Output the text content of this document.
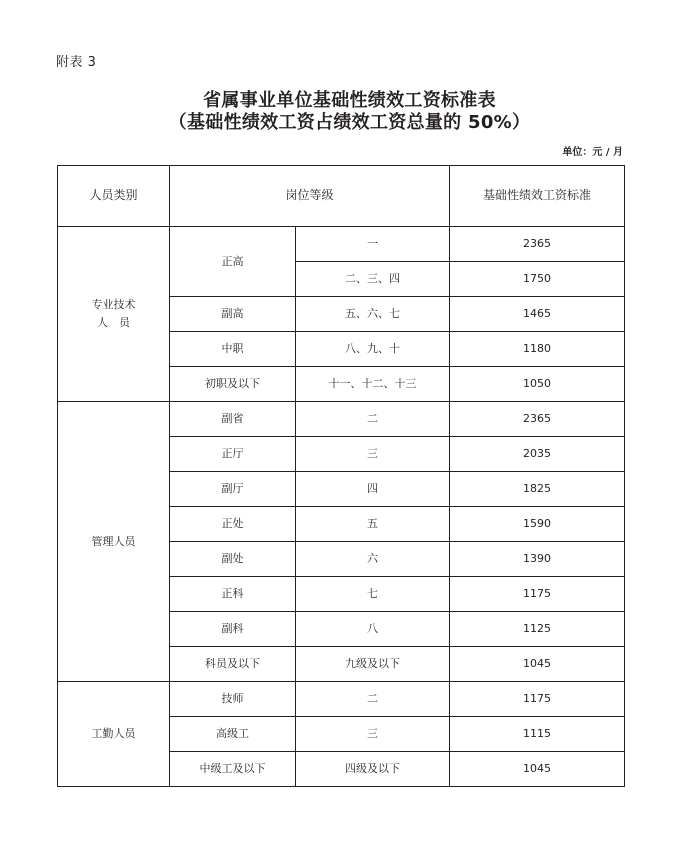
附表 3
省属事业单位基础性绩效工资标准表
（基础性绩效工资占绩效工资总量的 50%）
单位：元 / 月
人员类别	岗位等级		基础性绩效工资标准
专业技术
人　员	正高	一	2365
		二、三、四	1750
	副高	五、六、七	1465
	中职	八、九、十	1180
	初职及以下	十一、十二、十三	1050
管理人员	副省	二	2365
	正厅	三	2035
	副厅	四	1825
	正处	五	1590
	副处	六	1390
	正科	七	1175
	副科	八	1125
	科员及以下	九级及以下	1045
工勤人员	技师	二	1175
	高级工	三	1115
	中级工及以下	四级及以下	1045
